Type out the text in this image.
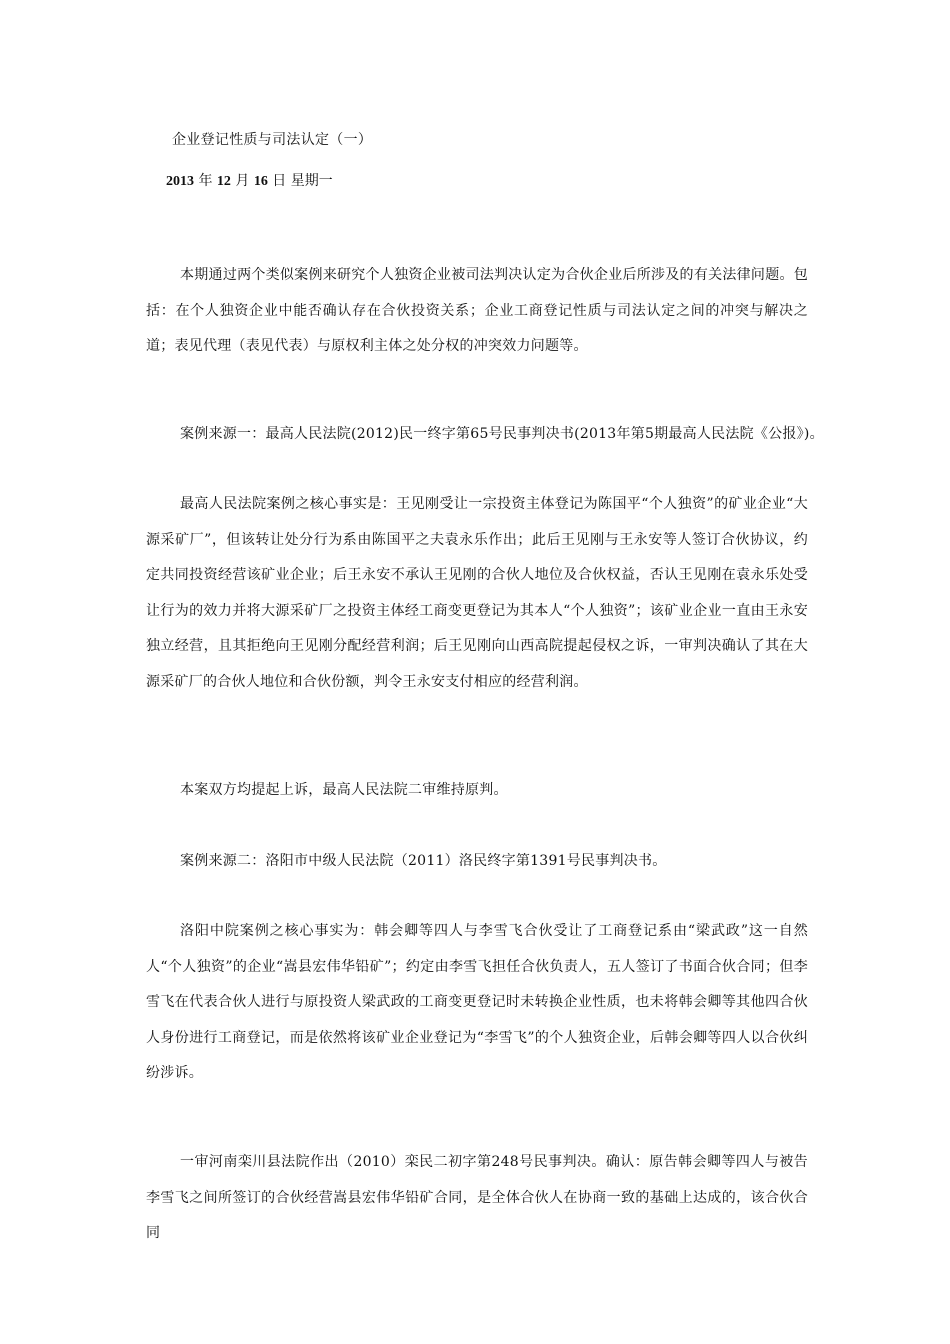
企业登记性质与司法认定（一）
2013 年 12 月 16 日 星期一

本期通过两个类似案例来研究个人独资企业被司法判决认定为合伙企业后所涉及的有关法律问题。包括：在个人独资企业中能否确认存在合伙投资关系；企业工商登记性质与司法认定之间的冲突与解决之道；表见代理（表见代表）与原权利主体之处分权的冲突效力问题等。

案例来源一：最高人民法院(2012)民一终字第65号民事判决书(2013年第5期最高人民法院《公报》)。

最高人民法院案例之核心事实是：王见刚受让一宗投资主体登记为陈国平“个人独资”的矿业企业“大源采矿厂”，但该转让处分行为系由陈国平之夫袁永乐作出；此后王见刚与王永安等人签订合伙协议，约定共同投资经营该矿业企业；后王永安不承认王见刚的合伙人地位及合伙权益，否认王见刚在袁永乐处受让行为的效力并将大源采矿厂之投资主体经工商变更登记为其本人“个人独资”；该矿业企业一直由王永安独立经营，且其拒绝向王见刚分配经营利润；后王见刚向山西高院提起侵权之诉，一审判决确认了其在大源采矿厂的合伙人地位和合伙份额，判令王永安支付相应的经营利润。

本案双方均提起上诉，最高人民法院二审维持原判。

案例来源二：洛阳市中级人民法院（2011）洛民终字第1391号民事判决书。

洛阳中院案例之核心事实为：韩会卿等四人与李雪飞合伙受让了工商登记系由“梁武政”这一自然人“个人独资”的企业“嵩县宏伟华铅矿”；约定由李雪飞担任合伙负责人，五人签订了书面合伙合同；但李雪飞在代表合伙人进行与原投资人梁武政的工商变更登记时未转换企业性质，也未将韩会卿等其他四合伙人身份进行工商登记，而是依然将该矿业企业登记为“李雪飞”的个人独资企业，后韩会卿等四人以合伙纠纷涉诉。

一审河南栾川县法院作出（2010）栾民二初字第248号民事判决。确认：原告韩会卿等四人与被告李雪飞之间所签订的合伙经营嵩县宏伟华铅矿合同，是全体合伙人在协商一致的基础上达成的，该合伙合同
